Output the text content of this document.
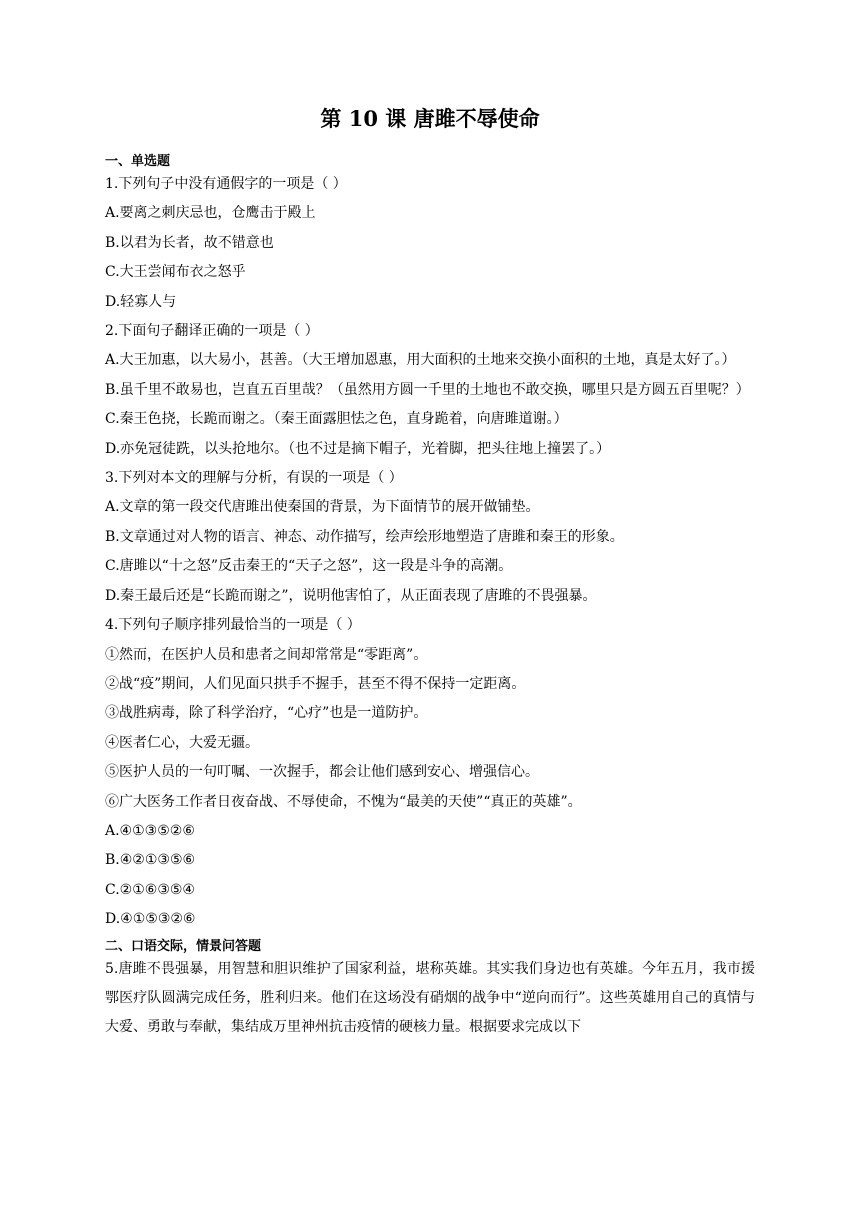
第 10 课 唐雎不辱使命
一、单选题
1.下列句子中没有通假字的一项是（ ）
A.要离之刺庆忌也，仓鹰击于殿上
B.以君为长者，故不错意也
C.大王尝闻布衣之怒乎
D.轻寡人与
2.下面句子翻译正确的一项是（ ）
A.大王加惠，以大易小，甚善。（大王增加恩惠，用大面积的土地来交换小面积的土地，真是太好了。）
B.虽千里不敢易也，岂直五百里哉？（虽然用方圆一千里的土地也不敢交换，哪里只是方圆五百里呢？）
C.秦王色挠，长跪而谢之。（秦王面露胆怯之色，直身跪着，向唐雎道谢。）
D.亦免冠徒跣，以头抢地尔。（也不过是摘下帽子，光着脚，把头往地上撞罢了。）
3.下列对本文的理解与分析，有误的一项是（ ）
A.文章的第一段交代唐雎出使秦国的背景，为下面情节的展开做铺垫。
B.文章通过对人物的语言、神态、动作描写，绘声绘形地塑造了唐雎和秦王的形象。
C.唐雎以“十之怒”反击秦王的“天子之怒”，这一段是斗争的高潮。
D.秦王最后还是“长跪而谢之”，说明他害怕了，从正面表现了唐雎的不畏强暴。
4.下列句子顺序排列最恰当的一项是（ ）
①然而，在医护人员和患者之间却常常是“零距离”。
②战“疫”期间，人们见面只拱手不握手，甚至不得不保持一定距离。
③战胜病毒，除了科学治疗，“心疗”也是一道防护。
④医者仁心，大爱无疆。
⑤医护人员的一句叮嘱、一次握手，都会让他们感到安心、增强信心。
⑥广大医务工作者日夜奋战、不辱使命，不愧为“最美的天使”“真正的英雄”。
A.④①③⑤②⑥
B.④②①③⑤⑥
C.②①⑥③⑤④
D.④①⑤③②⑥
二、口语交际，情景问答题
5.唐雎不畏强暴，用智慧和胆识维护了国家利益，堪称英雄。其实我们身边也有英雄。今年五月，我市援鄂医疗队圆满完成任务，胜利归来。他们在这场没有硝烟的战争中“逆向而行”。这些英雄用自己的真情与大爱、勇敢与奉献，集结成万里神州抗击疫情的硬核力量。根据要求完成以下
